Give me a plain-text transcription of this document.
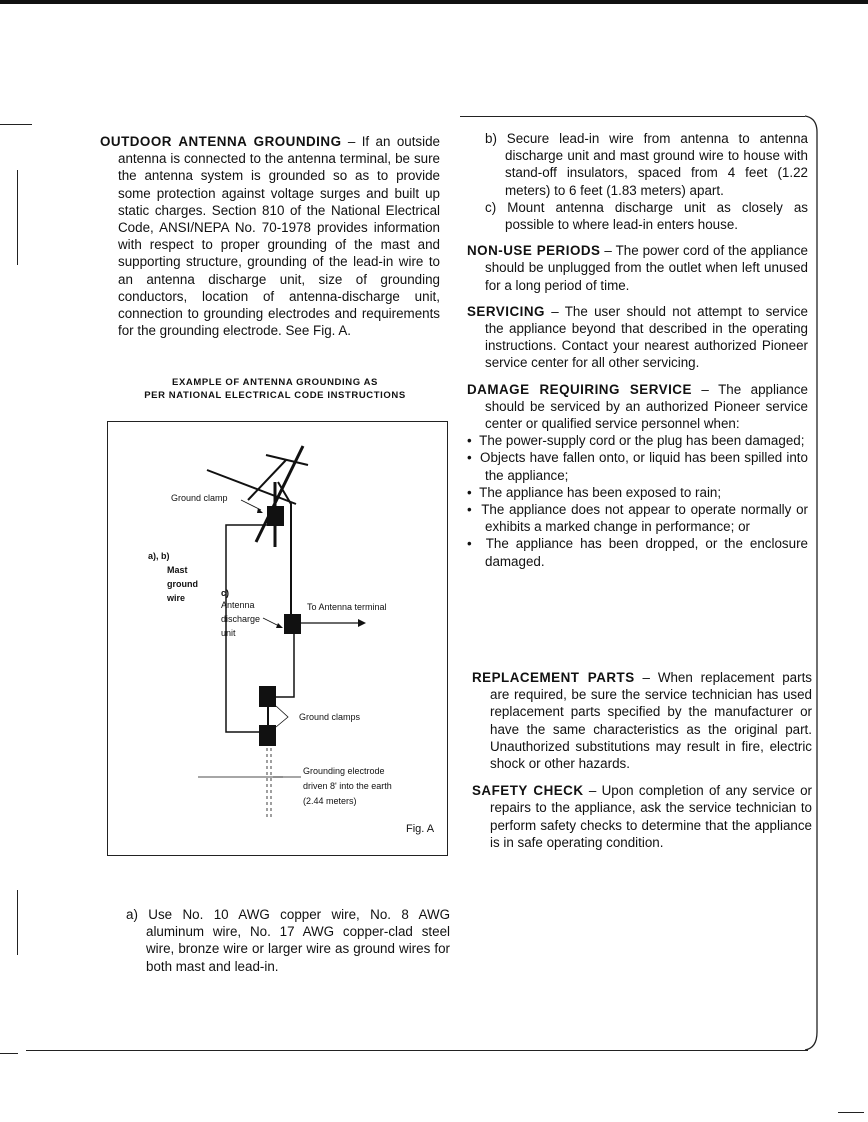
OUTDOOR ANTENNA GROUNDING – If an outside antenna is connected to the antenna terminal, be sure the antenna system is grounded so as to provide some protection against voltage surges and built up static charges. Section 810 of the National Electrical Code, ANSI/NEPA No. 70-1978 provides information with respect to proper grounding of the mast and supporting structure, grounding of the lead-in wire to an antenna discharge unit, size of grounding conductors, location of antenna-discharge unit, connection to grounding electrodes and requirements for the grounding electrode. See Fig. A.

EXAMPLE OF ANTENNA GROUNDING AS
PER NATIONAL ELECTRICAL CODE INSTRUCTIONS
Ground clamp
a), b)
Mast
ground
wire	c)
Antenna
discharge
unit
To Antenna terminal
Ground clamps
Grounding electrode
driven 8' into the earth
(2.44 meters)
Fig. A

a) Use No. 10 AWG copper wire, No. 8 AWG aluminum wire, No. 17 AWG copper-clad steel wire, bronze wire or larger wire as ground wires for both mast and lead-in.

b) Secure lead-in wire from antenna to antenna discharge unit and mast ground wire to house with stand-off insulators, spaced from 4 feet (1.22 meters) to 6 feet (1.83 meters) apart.

c) Mount antenna discharge unit as closely as possible to where lead-in enters house.

NON-USE PERIODS – The power cord of the appliance should be unplugged from the outlet when left unused for a long period of time.

SERVICING – The user should not attempt to service the appliance beyond that described in the operating instructions. Contact your nearest authorized Pioneer service center for all other servicing.

DAMAGE REQUIRING SERVICE – The appliance should be serviced by an authorized Pioneer service center or qualified service personnel when:

•  The power-supply cord or the plug has been damaged;
•  Objects have fallen onto, or liquid has been spilled into the appliance;
•  The appliance has been exposed to rain;
•  The appliance does not appear to operate normally or exhibits a marked change in performance; or
•  The appliance has been dropped, or the enclosure damaged.

REPLACEMENT PARTS – When replacement parts are required, be sure the service technician has used replacement parts specified by the manufacturer or have the same characteristics as the original part. Unauthorized substitutions may result in fire, electric shock or other hazards.

SAFETY CHECK – Upon completion of any service or repairs to the appliance, ask the service technician to perform safety checks to determine that the appliance is in safe operating condition.
